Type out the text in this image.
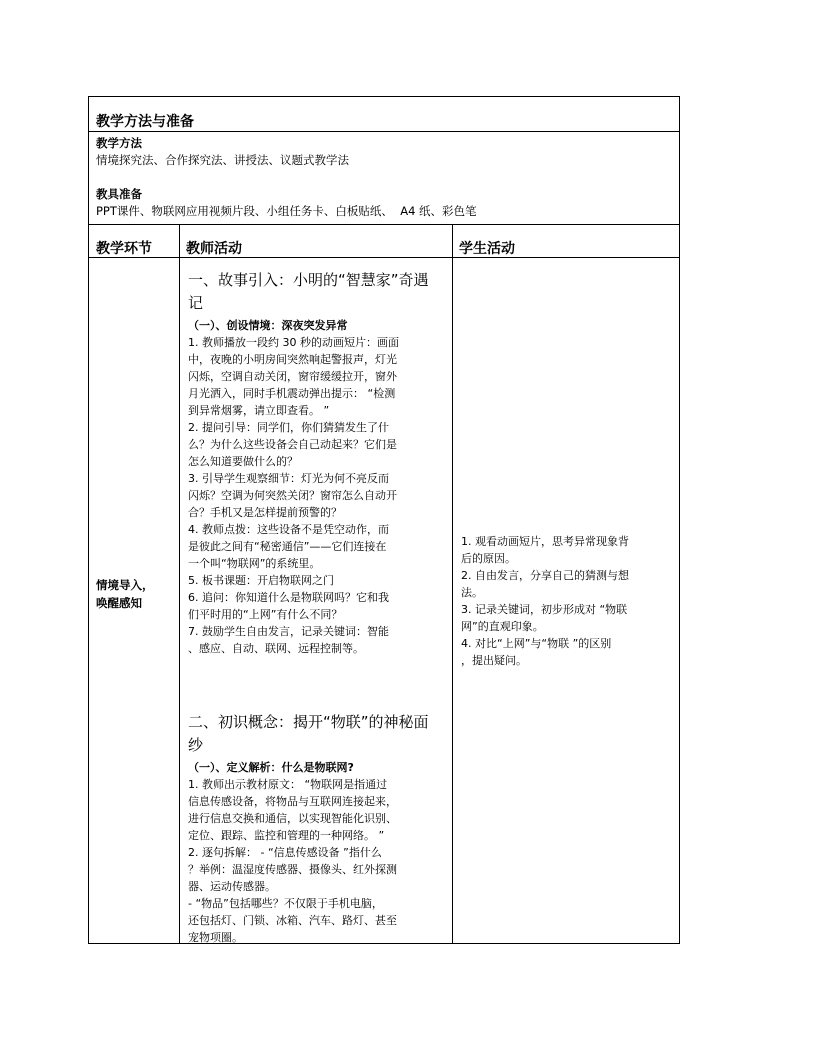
教学方法与准备
教学方法
情境探究法、合作探究法、讲授法、议题式教学法
教具准备
PPT课件、物联网应用视频片段、小组任务卡、白板贴纸、  A4 纸、彩色笔
教学环节 教师活动	学生活动
情境导入，
唤醒感知
一、故事引入：小明的“智慧家”奇遇
记
（一）、创设情境：深夜突发异常

1. 教师播放一段约 30 秒的动画短片：画面

中，夜晚的小明房间突然响起警报声，灯光

闪烁，空调自动关闭，窗帘缓缓拉开，窗外

月光洒入，同时手机震动弹出提示： “检测

到异常烟雾，请立即查看。 ”

2. 提问引导：同学们，你们猜猜发生了什

么？为什么这些设备会自己动起来？它们是

怎么知道要做什么的？

3. 引导学生观察细节：灯光为何不亮反而

闪烁？空调为何突然关闭？窗帘怎么自动开

合？手机又是怎样提前预警的？

4. 教师点拨：这些设备不是凭空动作，而

是彼此之间有“秘密通信”——它们连接在

一个叫“物联网”的系统里。

5. 板书课题：开启物联网之门

6. 追问：你知道什么是物联网吗？它和我

们平时用的“上网”有什么不同？

7. 鼓励学生自由发言，记录关键词：智能

、感应、自动、联网、远程控制等。

二、初识概念：揭开“物联”的神秘面
纱
（一）、定义解析：什么是物联网?

1. 教师出示教材原文： “物联网是指通过

信息传感设备，将物品与互联网连接起来，

进行信息交换和通信，以实现智能化识别、

定位、跟踪、监控和管理的一种网络。 ”

2. 逐句拆解： - “信息传感设备 ”指什么

？举例：温湿度传感器、摄像头、红外探测

器、运动传感器。

- “物品”包括哪些？不仅限于手机电脑，

还包括灯、门锁、冰箱、汽车、路灯、甚至

宠物项圈。

1. 观看动画短片，思考异常现象背

后的原因。

2. 自由发言，分享自己的猜测与想

法。

3. 记录关键词，初步形成对 “物联

网”的直观印象。

4. 对比“上网”与“物联 ”的区别

，提出疑问。
